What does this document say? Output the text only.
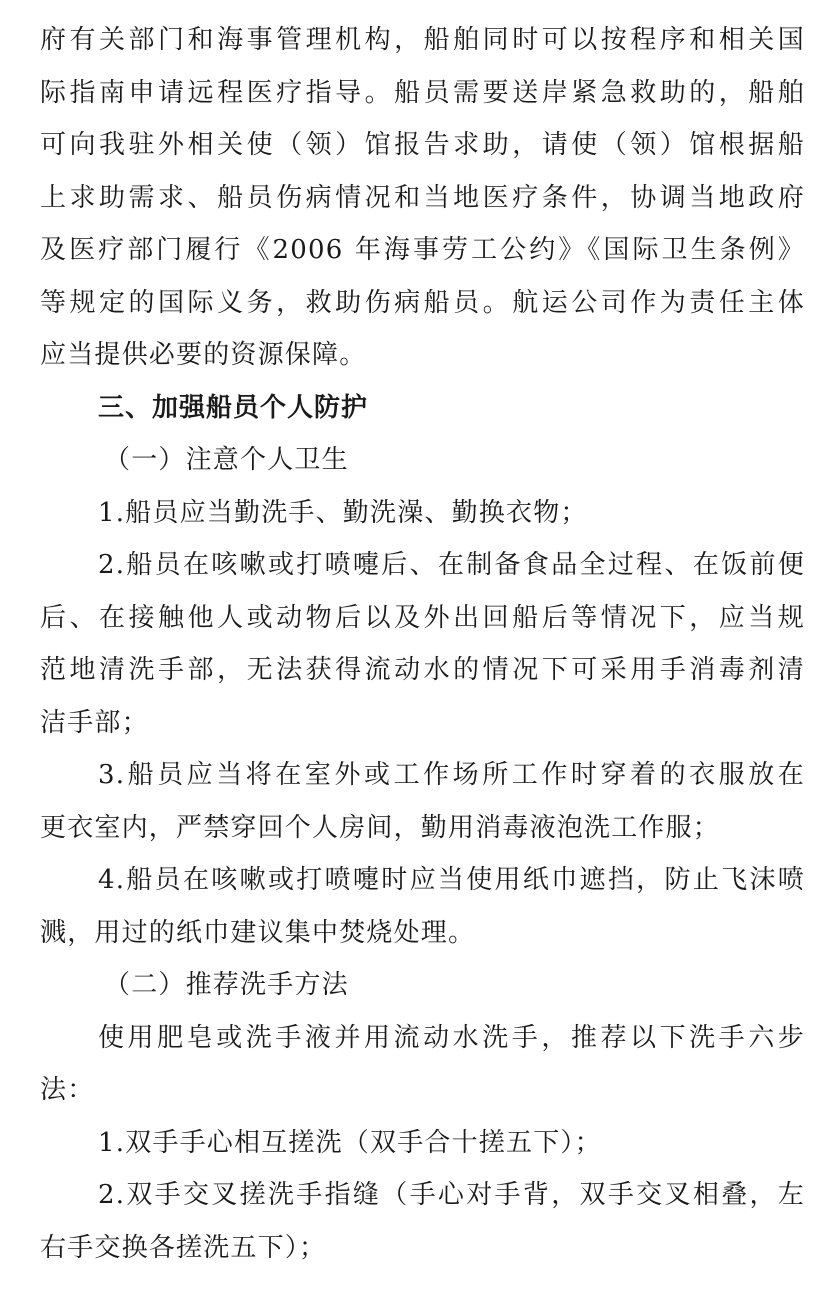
府有关部门和海事管理机构，船舶同时可以按程序和相关国
际指南申请远程医疗指导。船员需要送岸紧急救助的，船舶
可向我驻外相关使（领）馆报告求助，请使（领）馆根据船
上求助需求、船员伤病情况和当地医疗条件，协调当地政府
及医疗部门履行《2006 年海事劳工公约》《国际卫生条例》
等规定的国际义务，救助伤病船员。航运公司作为责任主体
应当提供必要的资源保障。
三、加强船员个人防护
（一）注意个人卫生
1.船员应当勤洗手、勤洗澡、勤换衣物；
2.船员在咳嗽或打喷嚏后、在制备食品全过程、在饭前便
后、在接触他人或动物后以及外出回船后等情况下，应当规
范地清洗手部，无法获得流动水的情况下可采用手消毒剂清
洁手部；
3.船员应当将在室外或工作场所工作时穿着的衣服放在
更衣室内，严禁穿回个人房间，勤用消毒液泡洗工作服；
4.船员在咳嗽或打喷嚏时应当使用纸巾遮挡，防止飞沫喷
溅，用过的纸巾建议集中焚烧处理。
（二）推荐洗手方法
使用肥皂或洗手液并用流动水洗手，推荐以下洗手六步
法：
1.双手手心相互搓洗（双手合十搓五下）；
2.双手交叉搓洗手指缝（手心对手背，双手交叉相叠，左
右手交换各搓洗五下）；
